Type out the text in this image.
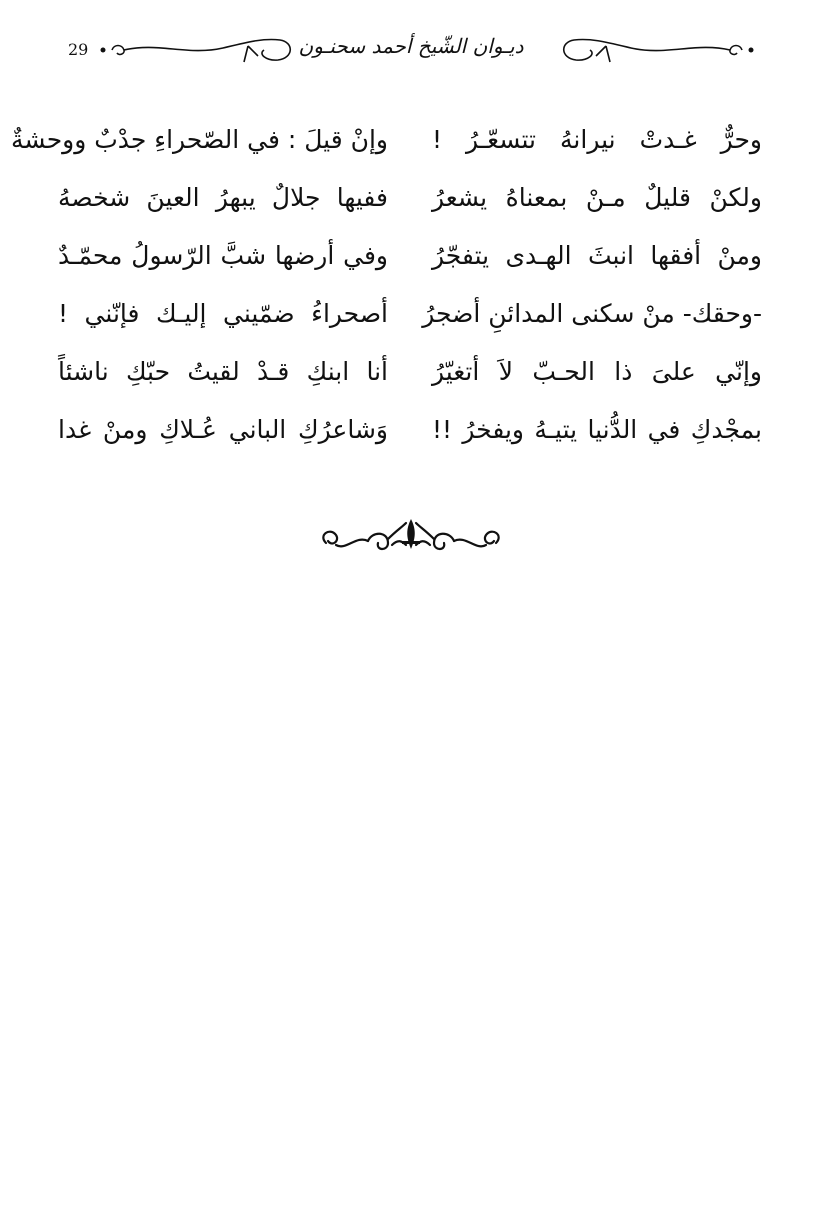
29	ديـوان الشّيخ أحمد سحنـون
وإنْ قيلَ : في الصّحراءِ جدْبٌ ووحشةٌ وحرٌّ غـدتْ نيرانهُ تتسعّـرُ !
ففيها جلالٌ يبهرُ العينَ شخصهُ ولكنْ قليلٌ مـنْ بمعناهُ يشعرُ
وفي أرضها شبَّ الرّسولُ محمّـدٌ ومنْ أفقها انبثَ الهـدى يتفجّرُ
أصحراءُ ضمّيني إليـك فإنّني ! -وحقك- منْ سكنى المدائنِ أضجرُ
أنا ابنكِ قـدْ لقيتُ حبّكِ ناشئاً وإنّي علىَ ذا الحـبّ لاَ أتغيّرُ
وَشاعرُكِ الباني عُـلاكِ ومنْ غدا بمجْدكِ في الدُّنيا يتيـهُ ويفخرُ !!
